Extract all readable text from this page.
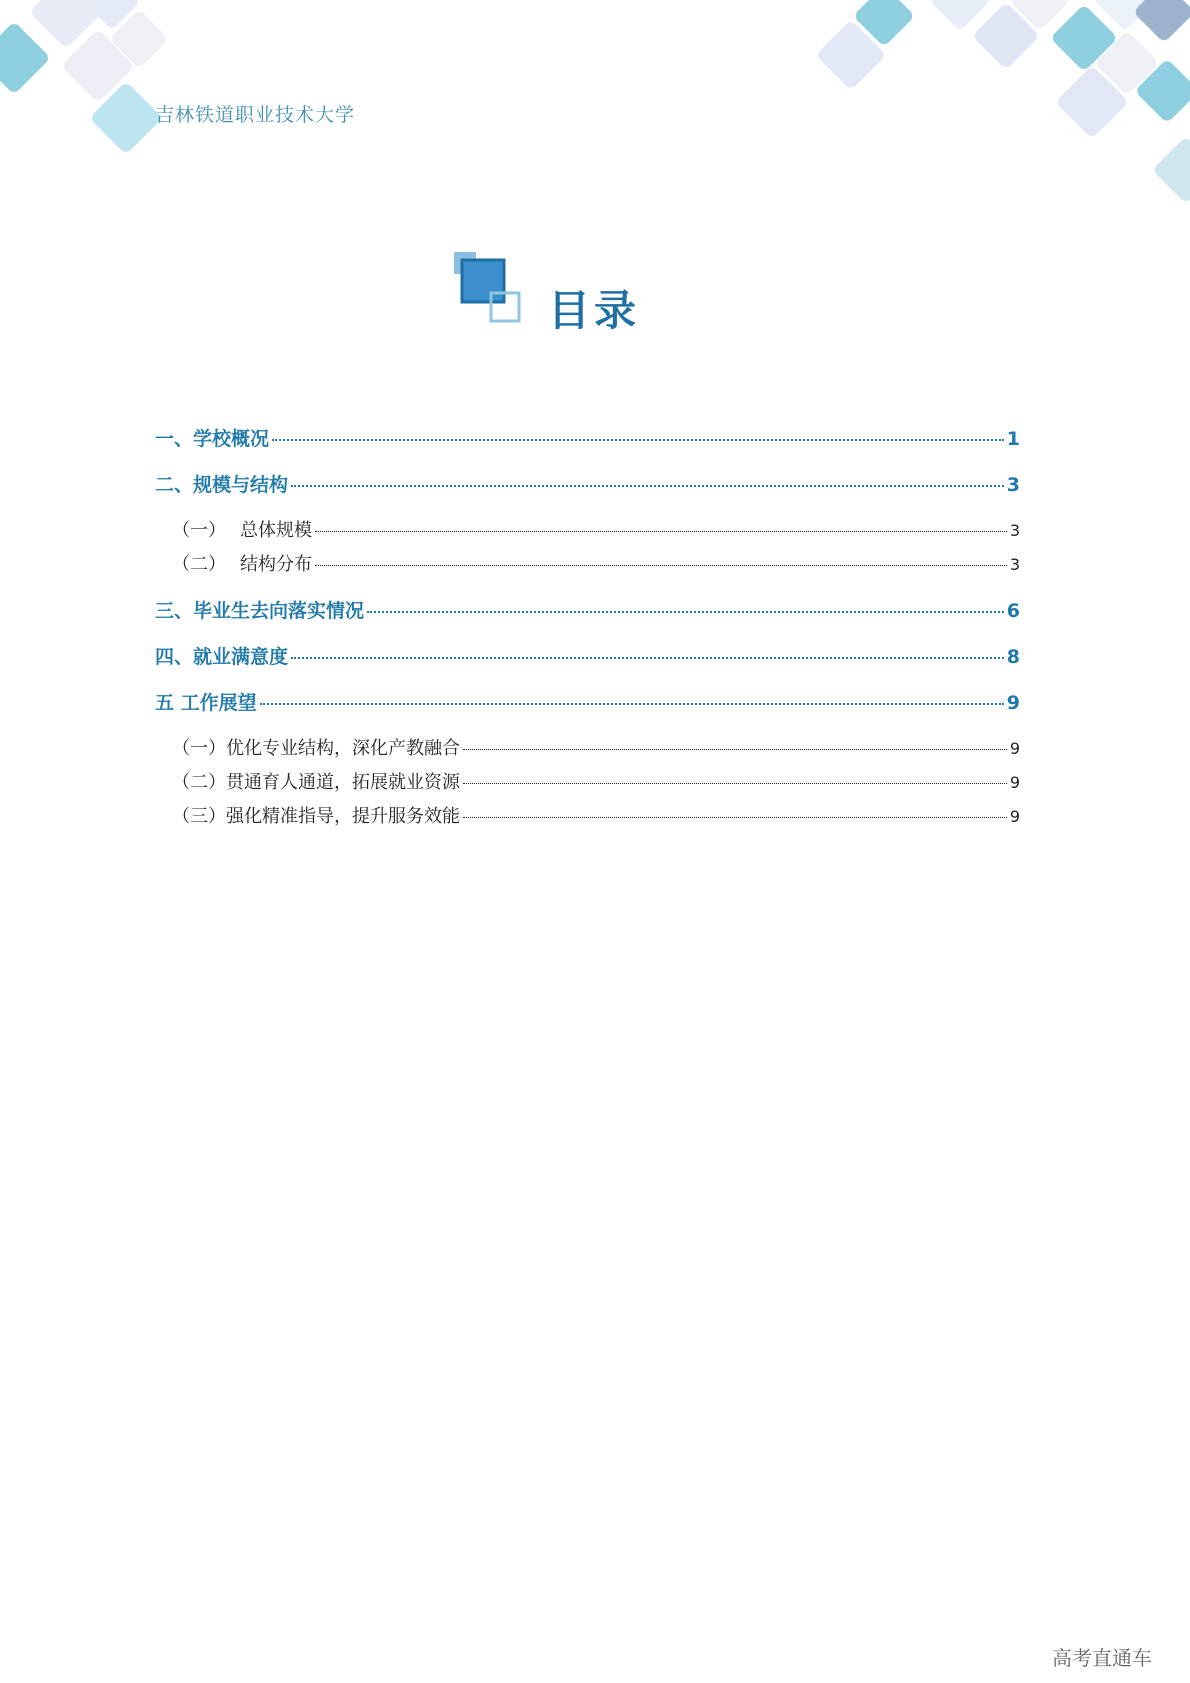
吉林铁道职业技术大学
目录
一、学校概况	1
二、规模与结构	3
（一） 总体规模	3
（二） 结构分布	3
三、毕业生去向落实情况	6
四、就业满意度	8
五 工作展望	9
（一）优化专业结构，深化产教融合	9
（二）贯通育人通道，拓展就业资源	9
（三）强化精准指导，提升服务效能	9
高考直通车
